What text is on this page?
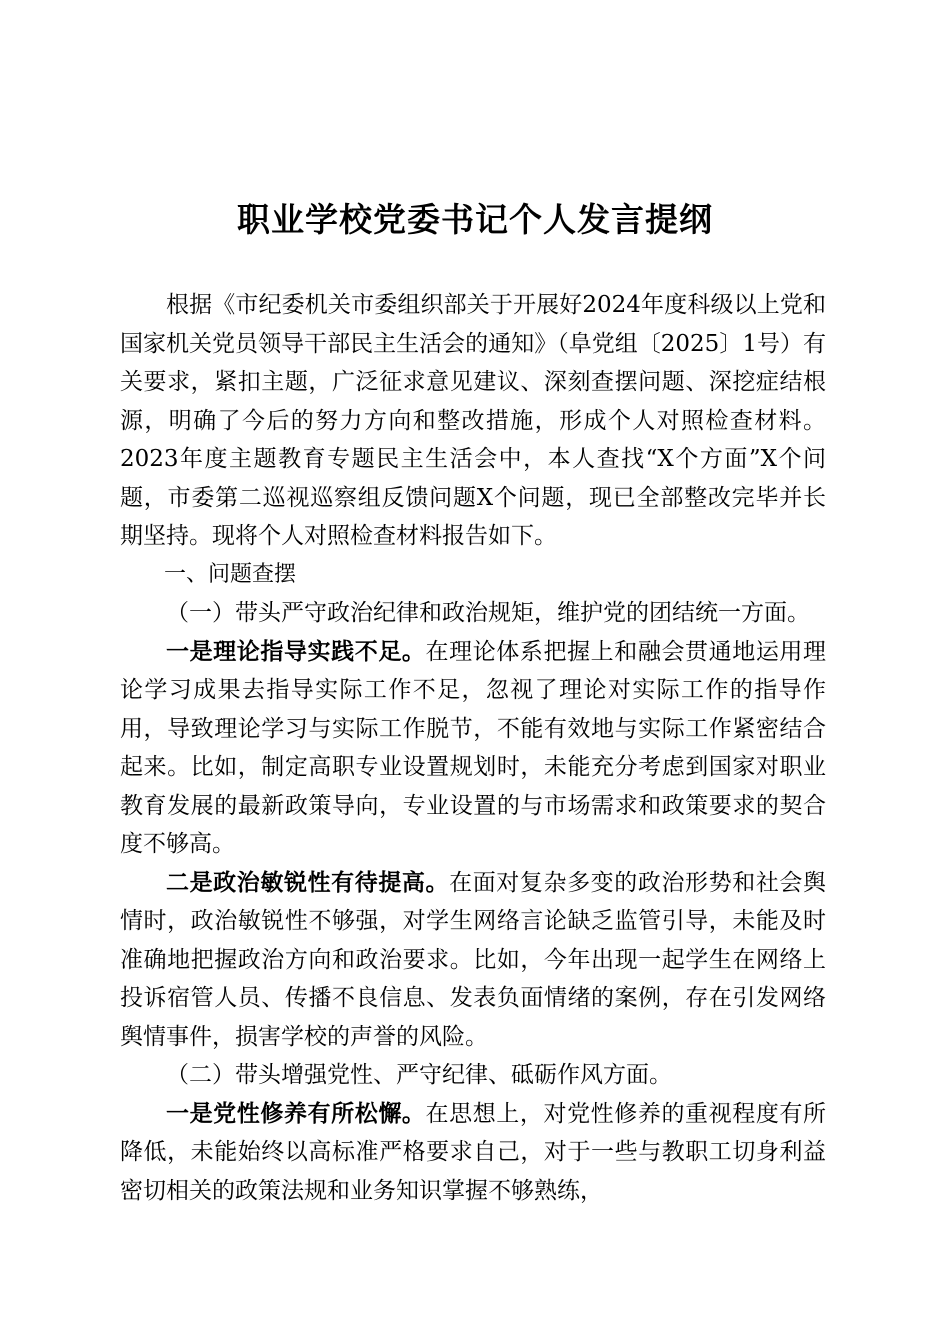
职业学校党委书记个人发言提纲

根据《市纪委机关市委组织部关于开展好2024年度科级以上党和国家机关党员领导干部民主生活会的通知》（阜党组〔2025〕1号）有关要求，紧扣主题，广泛征求意见建议、深刻查摆问题、深挖症结根源，明确了今后的努力方向和整改措施，形成个人对照检查材料。2023年度主题教育专题民主生活会中，本人查找“X个方面”X个问题，市委第二巡视巡察组反馈问题X个问题，现已全部整改完毕并长期坚持。现将个人对照检查材料报告如下。

一、问题查摆

（一）带头严守政治纪律和政治规矩，维护党的团结统一方面。

一是理论指导实践不足。在理论体系把握上和融会贯通地运用理论学习成果去指导实际工作不足，忽视了理论对实际工作的指导作用，导致理论学习与实际工作脱节，不能有效地与实际工作紧密结合起来。比如，制定高职专业设置规划时，未能充分考虑到国家对职业教育发展的最新政策导向，专业设置的与市场需求和政策要求的契合度不够高。

二是政治敏锐性有待提高。在面对复杂多变的政治形势和社会舆情时，政治敏锐性不够强，对学生网络言论缺乏监管引导，未能及时准确地把握政治方向和政治要求。比如，今年出现一起学生在网络上投诉宿管人员、传播不良信息、发表负面情绪的案例，存在引发网络舆情事件，损害学校的声誉的风险。

（二）带头增强党性、严守纪律、砥砺作风方面。

一是党性修养有所松懈。在思想上，对党性修养的重视程度有所降低，未能始终以高标准严格要求自己，对于一些与教职工切身利益密切相关的政策法规和业务知识掌握不够熟练，
